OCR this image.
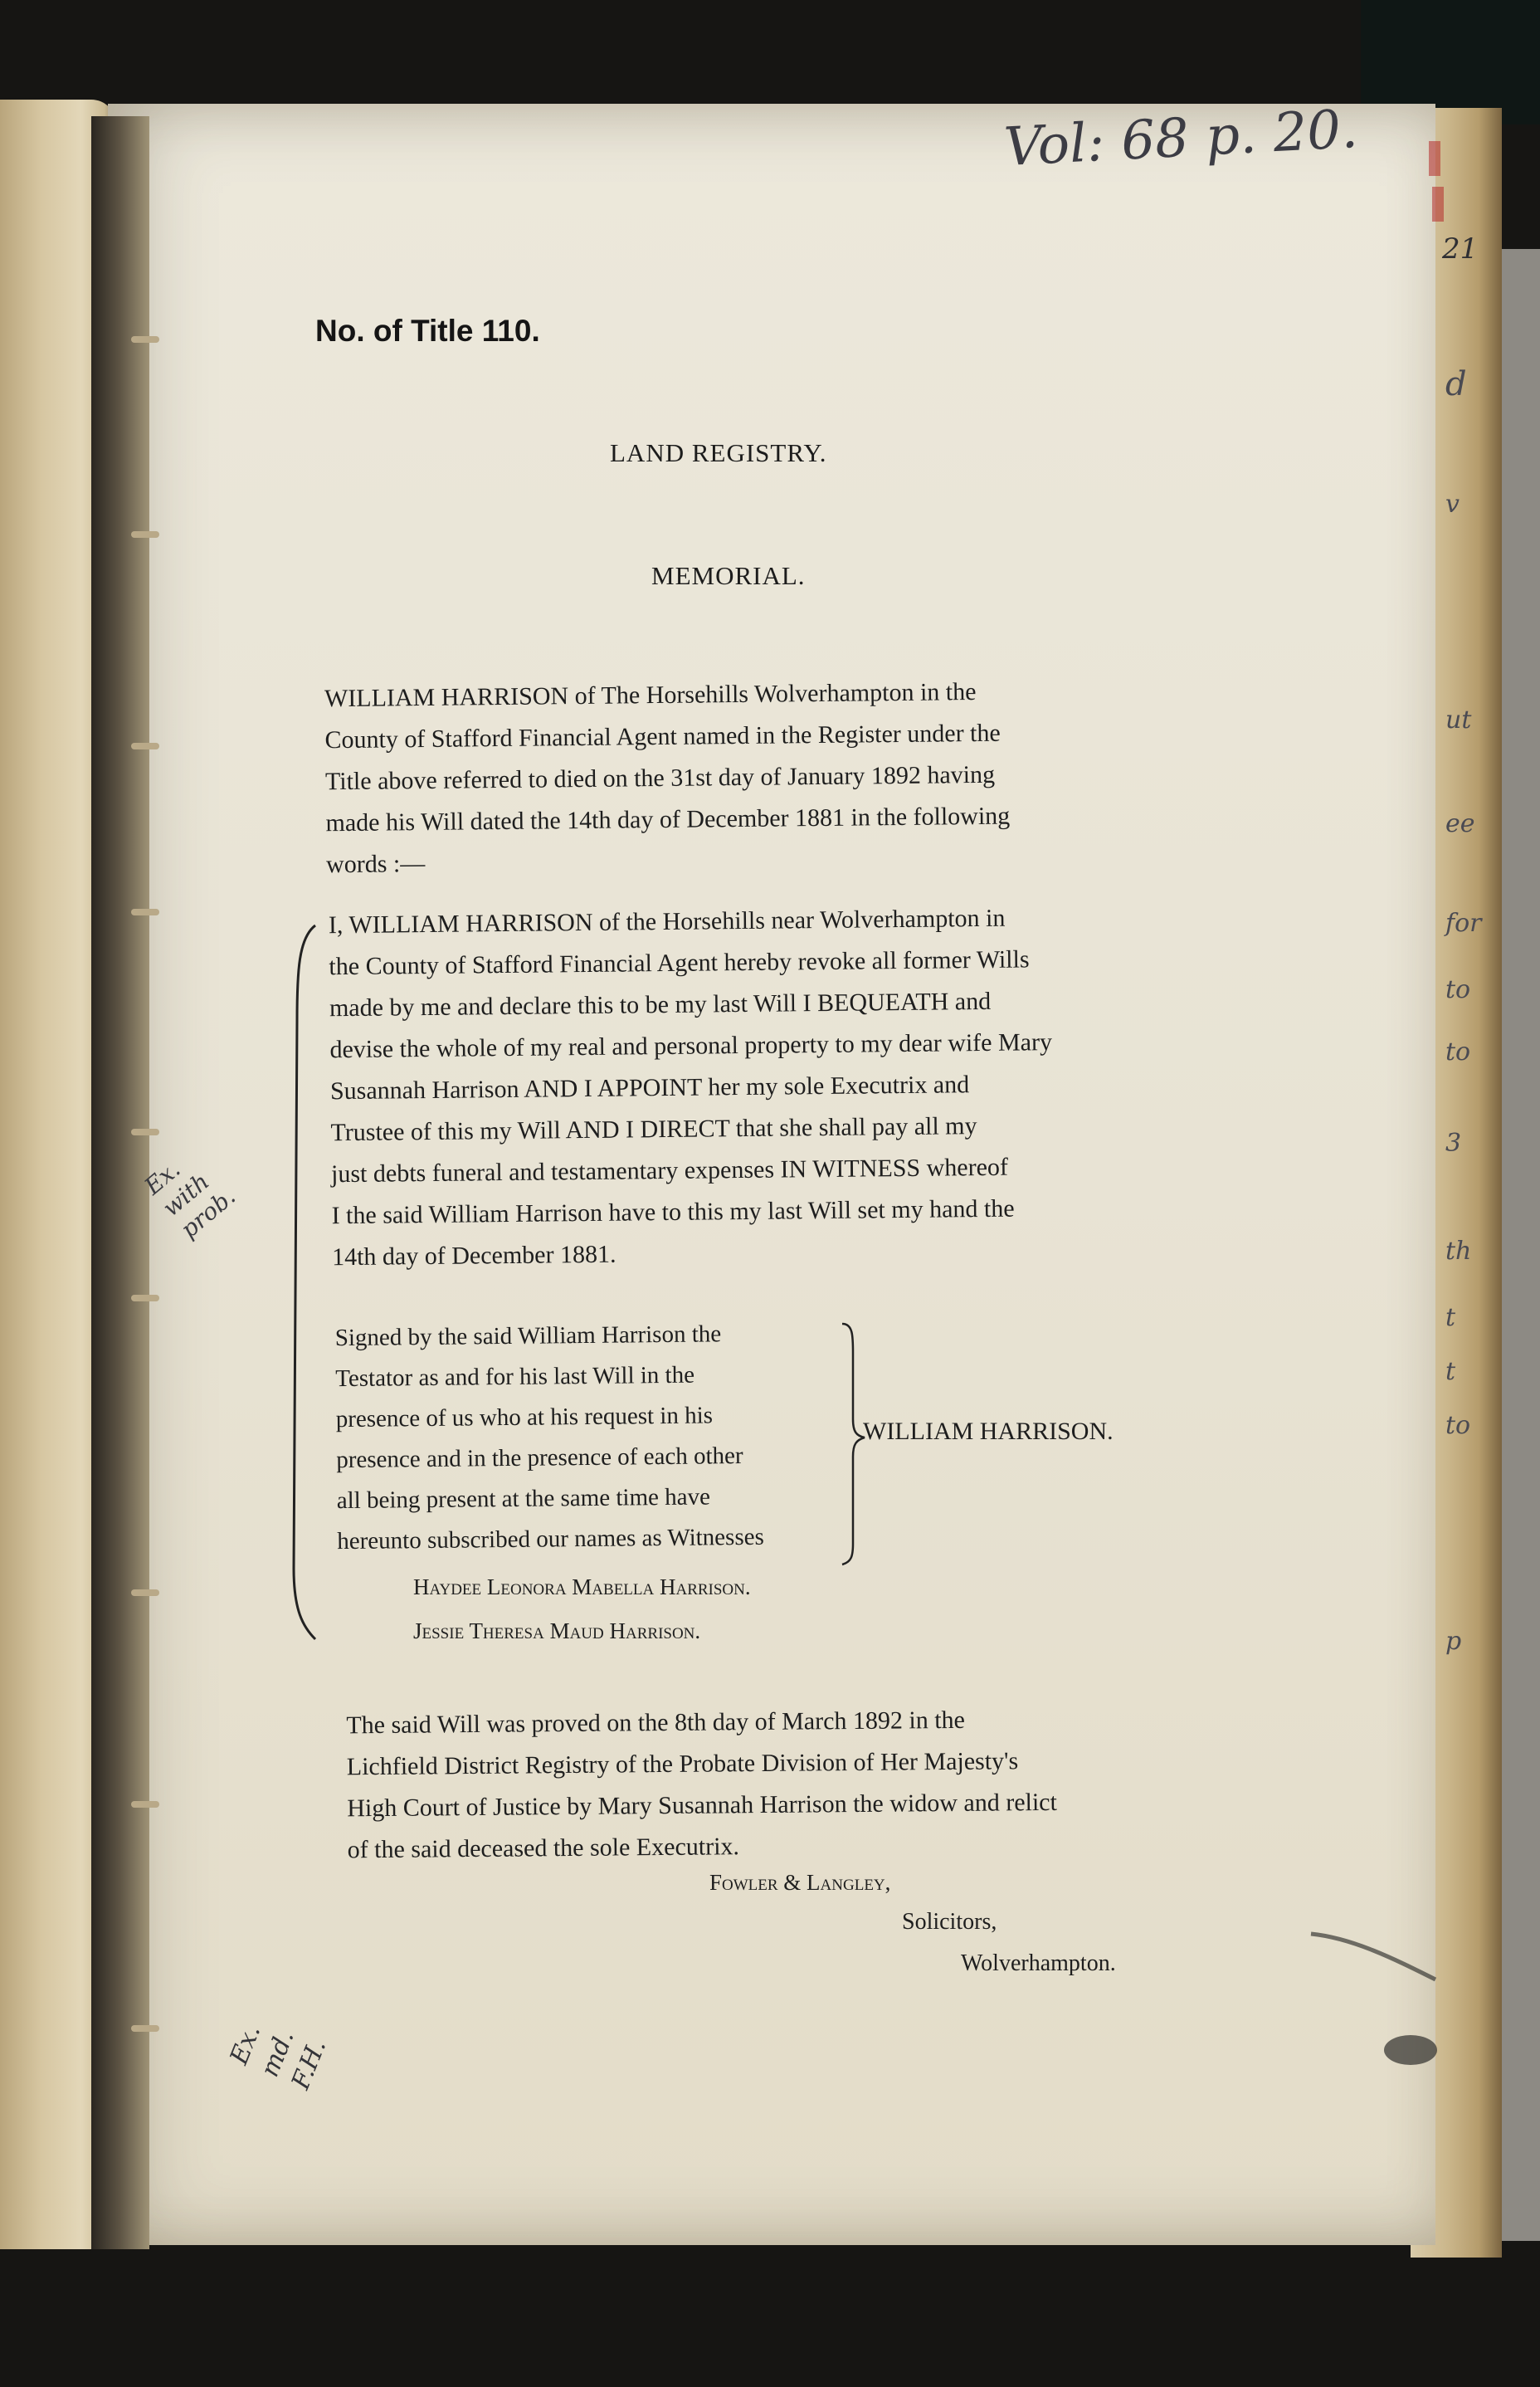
21
d
v
ut
ee
for
to
to
3
th
t
t
to
p
Vol: 68 p. 20.
No. of Title 110.
LAND REGISTRY.
MEMORIAL.
WILLIAM HARRISON of The Horsehills Wolverhampton in the
County of Stafford Financial Agent named in the Register under the
Title above referred to died on the 31st day of January 1892 having
made his Will dated the 14th day of December 1881 in the following
words :—
I, WILLIAM HARRISON of the Horsehills near Wolverhampton in
the County of Stafford Financial Agent hereby revoke all former Wills
made by me and declare this to be my last Will I BEQUEATH and
devise the whole of my real and personal property to my dear wife Mary
Susannah Harrison AND I APPOINT her my sole Executrix and
Trustee of this my Will AND I DIRECT that she shall pay all my
just debts funeral and testamentary expenses IN WITNESS whereof
I the said William Harrison have to this my last Will set my hand the
14th day of December 1881.
Ex. with prob.
Signed by the said William Harrison the
Testator as and for his last Will in the
presence of us who at his request in his
presence and in the presence of each other
all being present at the same time have
hereunto subscribed our names as Witnesses
WILLIAM HARRISON.
Haydee Leonora Mabella Harrison.
Jessie Theresa Maud Harrison.
The said Will was proved on the 8th day of March 1892 in the
Lichfield District Registry of the Probate Division of Her Majesty's
High Court of Justice by Mary Susannah Harrison the widow and relict
of the said deceased the sole Executrix.
Fowler & Langley,
Solicitors,
Wolverhampton.
Ex. md. F.H.
